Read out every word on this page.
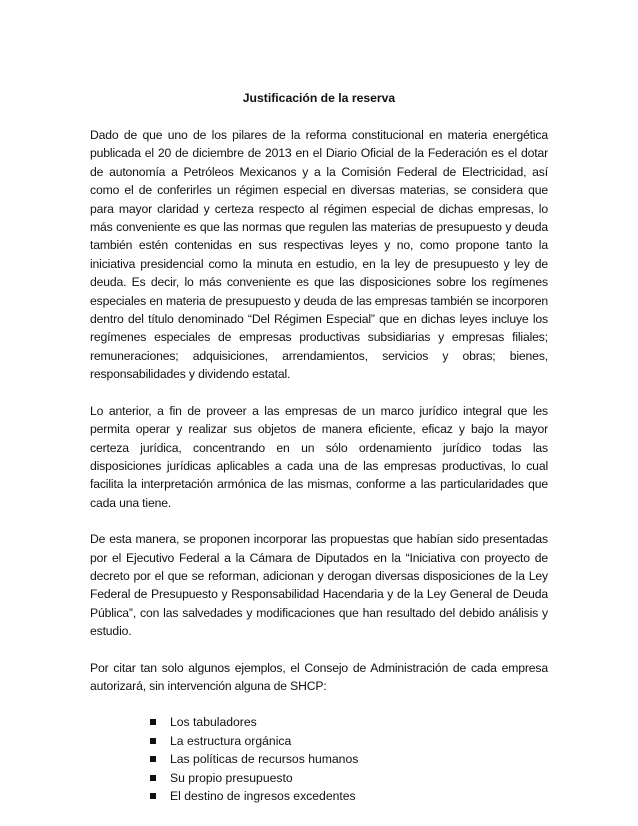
Justificación de la reserva

Dado de que uno de los pilares de la reforma constitucional en materia energética publicada el 20 de diciembre de 2013 en el Diario Oficial de la Federación es el dotar de autonomía a Petróleos Mexicanos y a la Comisión Federal de Electricidad, así como el de conferirles un régimen especial en diversas materias, se considera que para mayor claridad y certeza respecto al régimen especial de dichas empresas, lo más conveniente es que las normas que regulen las materias de presupuesto y deuda también estén contenidas en sus respectivas leyes y no, como propone tanto la iniciativa presidencial como la minuta en estudio, en la ley de presupuesto y ley de deuda. Es decir, lo más conveniente es que las disposiciones sobre los regímenes especiales en materia de presupuesto y deuda de las empresas también se incorporen dentro del título denominado “Del Régimen Especial” que en dichas leyes incluye los regímenes especiales de empresas productivas subsidiarias y empresas filiales; remuneraciones; adquisiciones, arrendamientos, servicios y obras; bienes, responsabilidades y dividendo estatal.

Lo anterior, a fin de proveer a las empresas de un marco jurídico integral que les permita operar y realizar sus objetos de manera eficiente, eficaz y bajo la mayor certeza jurídica, concentrando en un sólo ordenamiento jurídico todas las disposiciones jurídicas aplicables a cada una de las empresas productivas, lo cual facilita la interpretación armónica de las mismas, conforme a las particularidades que cada una tiene.

De esta manera, se proponen incorporar las propuestas que habían sido presentadas por el Ejecutivo Federal a la Cámara de Diputados en la “Iniciativa con proyecto de decreto por el que se reforman, adicionan y derogan diversas disposiciones de la Ley Federal de Presupuesto y Responsabilidad Hacendaria y de la Ley General de Deuda Pública”, con las salvedades y modificaciones que han resultado del debido análisis y estudio.

Por citar tan solo algunos ejemplos, el Consejo de Administración de cada empresa autorizará, sin intervención alguna de SHCP:

Los tabuladores
La estructura orgánica
Las políticas de recursos humanos
Su propio presupuesto
El destino de ingresos excedentes
